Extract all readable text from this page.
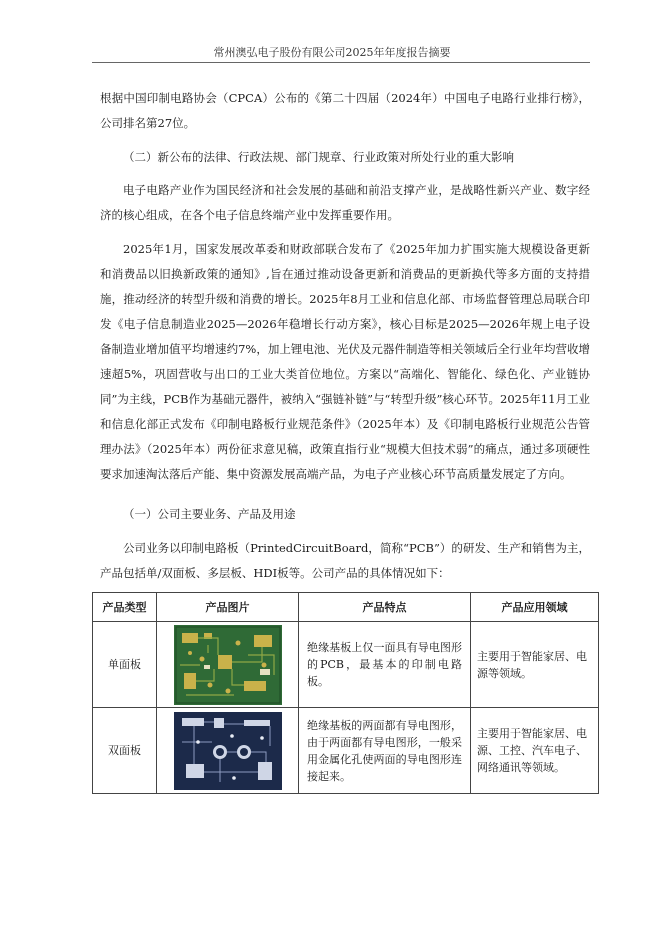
常州澳弘电子股份有限公司2025年年度报告摘要

根据中国印制电路协会（CPCA）公布的《第二十四届（2024年）中国电子电路行业排行榜》，公司排名第27位。

（二）新公布的法律、行政法规、部门规章、行业政策对所处行业的重大影响

电子电路产业作为国民经济和社会发展的基础和前沿支撑产业，是战略性新兴产业、数字经济的核心组成，在各个电子信息终端产业中发挥重要作用。

2025年1月，国家发展改革委和财政部联合发布了《2025年加力扩围实施大规模设备更新和消费品以旧换新政策的通知》,旨在通过推动设备更新和消费品的更新换代等多方面的支持措施，推动经济的转型升级和消费的增长。2025年8月工业和信息化部、市场监督管理总局联合印发《电子信息制造业2025—2026年稳增长行动方案》，核心目标是2025—2026年规上电子设备制造业增加值平均增速约7%，加上锂电池、光伏及元器件制造等相关领域后全行业年均营收增速超5%，巩固营收与出口的工业大类首位地位。方案以“高端化、智能化、绿色化、产业链协同”为主线，PCB作为基础元器件，被纳入“强链补链”与“转型升级”核心环节。2025年11月工业和信息化部正式发布《印制电路板行业规范条件》（2025年本）及《印制电路板行业规范公告管理办法》（2025年本）两份征求意见稿，政策直指行业“规模大但技术弱”的痛点，通过多项硬性要求加速淘汰落后产能、集中资源发展高端产品，为电子产业核心环节高质量发展定了方向。

（一）公司主要业务、产品及用途

公司业务以印制电路板（PrintedCircuitBoard，简称“PCB”）的研发、生产和销售为主，产品包括单/双面板、多层板、HDI板等。公司产品的具体情况如下：

产品类型	产品图片	产品特点	产品应用领域
单面板		绝缘基板上仅一面具有导电图形的PCB，最基本的印制电路板。	主要用于智能家居、电源等领域。
双面板		绝缘基板的两面都有导电图形，由于两面都有导电图形，一般采用金属化孔使两面的导电图形连接起来。	主要用于智能家居、电源、工控、汽车电子、网络通讯等领域。
